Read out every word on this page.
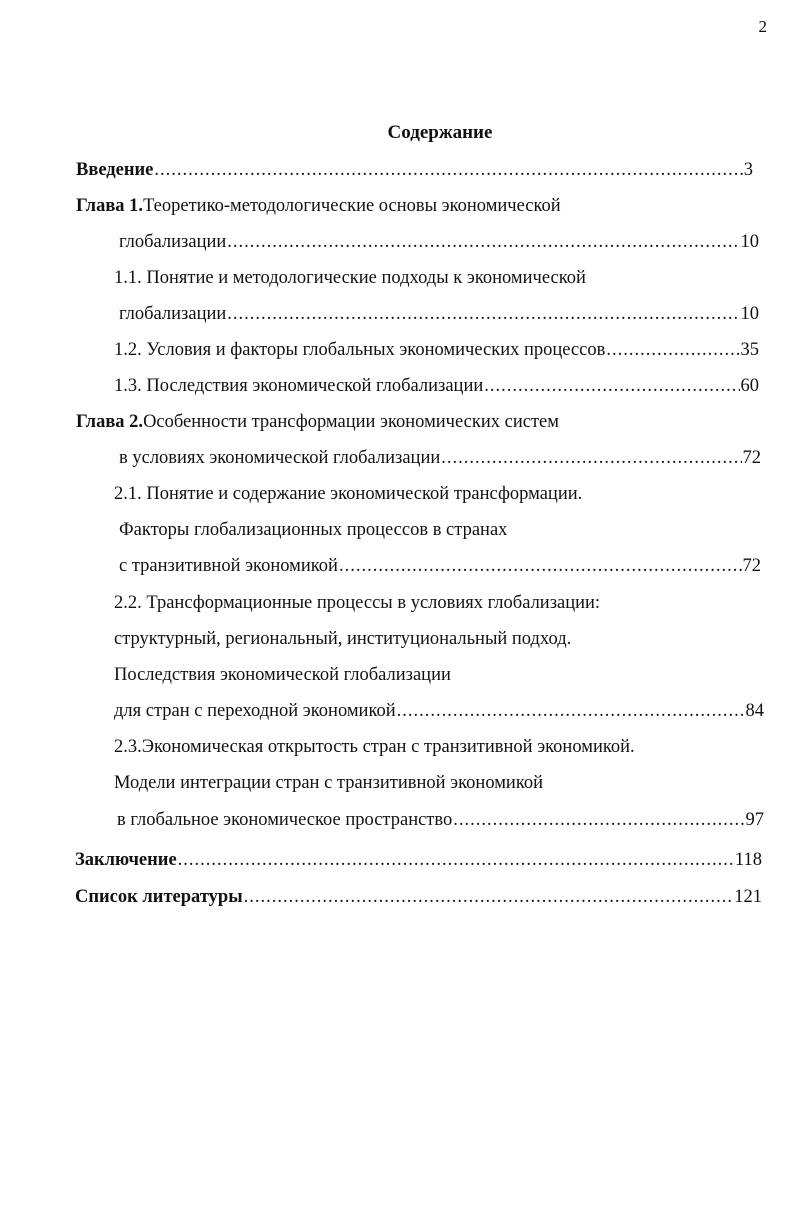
2
Содержание
Введение .....	3
Глава 1. Теоретико-методологические основы экономической
глобализации .....	10
1.1. Понятие и методологические подходы к экономической
глобализации .....	10
1.2. Условия и факторы глобальных экономических процессов .....	35
1.3. Последствия экономической глобализации .....	60
Глава 2. Особенности трансформации экономических систем
в условиях экономической глобализации .....	72
2.1. Понятие и содержание экономической трансформации.
Факторы глобализационных процессов в странах
с транзитивной экономикой .....	72
2.2. Трансформационные процессы в условиях глобализации:
структурный, региональный, институциональный подход.
Последствия экономической глобализации
для стран с переходной экономикой .....	84
2.3.Экономическая открытость стран с транзитивной экономикой.
Модели интеграции стран с транзитивной экономикой
в глобальное экономическое пространство .....	97
Заключение .....	118
Список литературы .....	121
